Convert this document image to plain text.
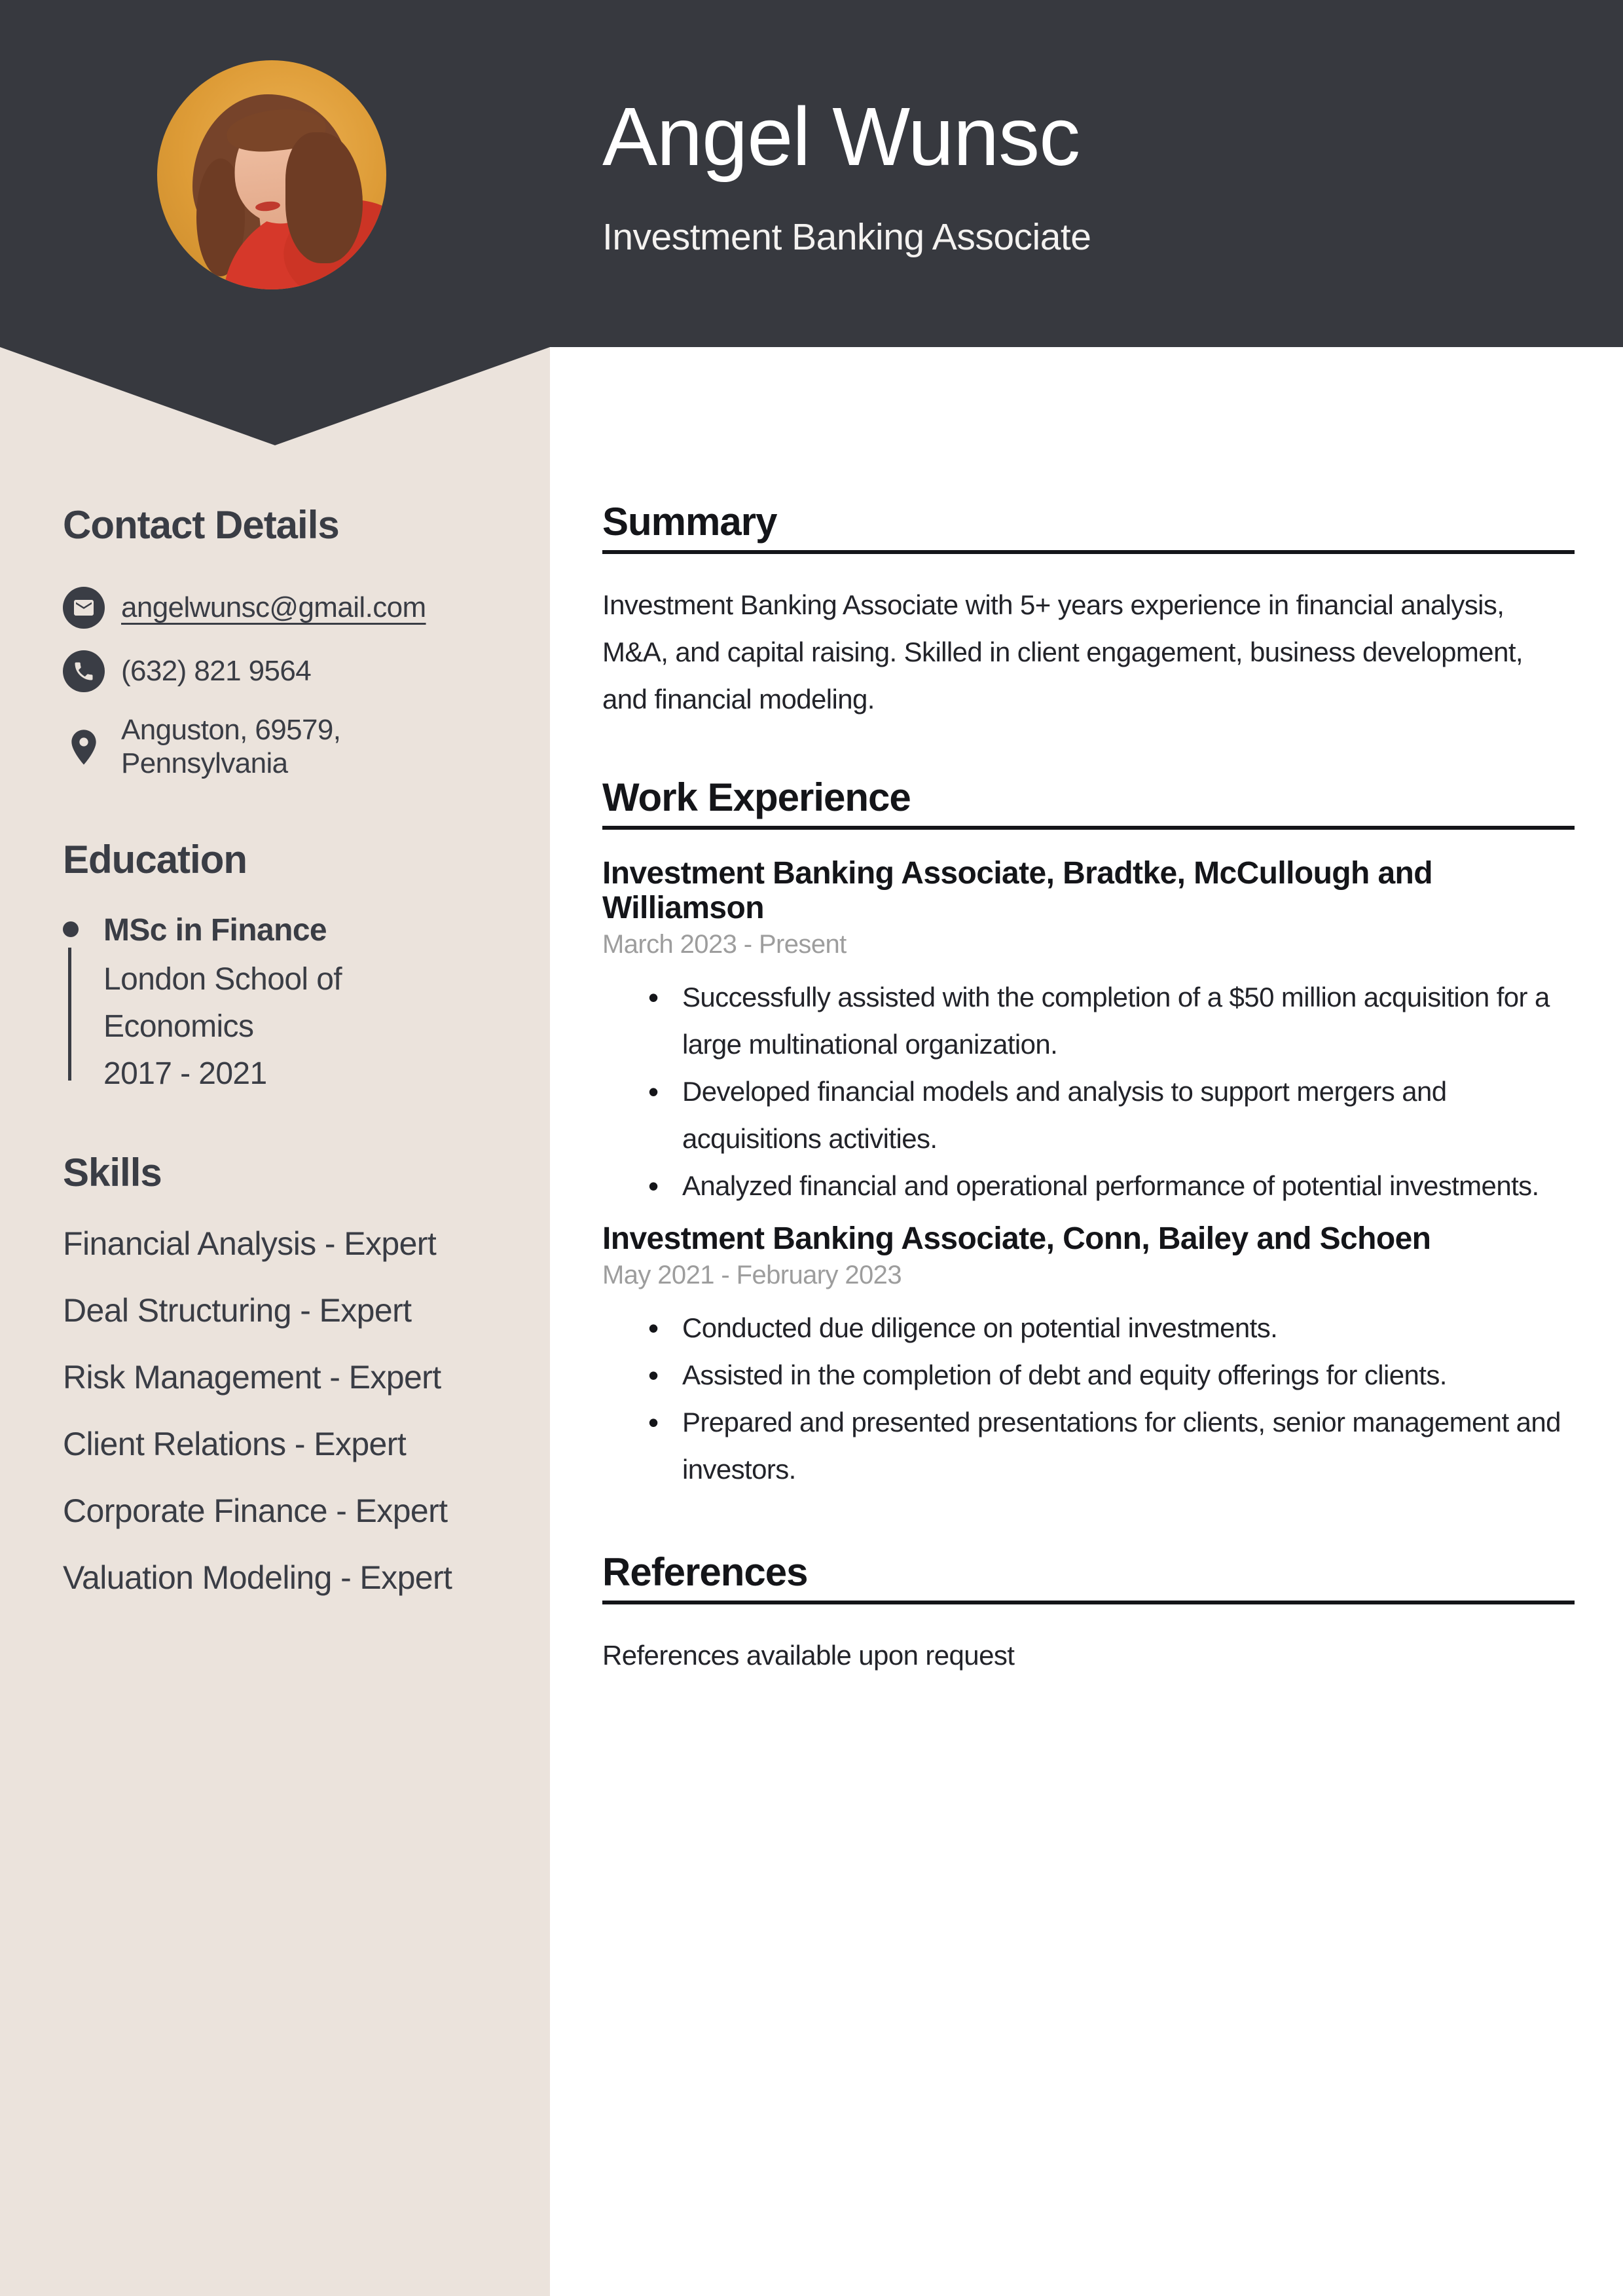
Contact Details
angelwunsc@gmail.com
(632) 821 9564
Anguston, 69579, Pennsylvania
Education
MSc in Finance
London School of Economics
2017 - 2021
Skills
Financial Analysis - Expert
Deal Structuring - Expert
Risk Management - Expert
Client Relations - Expert
Corporate Finance - Expert
Valuation Modeling - Expert
Angel Wunsc
Investment Banking Associate
Summary

Investment Banking Associate with 5+ years experience in financial analysis, M&A, and capital raising. Skilled in client engagement, business development, and financial modeling.

Work Experience
Investment Banking Associate, Bradtke, McCullough and Williamson
March 2023 - Present
• Successfully assisted with the completion of a $50 million acquisition for a large multinational organization.
• Developed financial models and analysis to support mergers and acquisitions activities.
• Analyzed financial and operational performance of potential investments.
Investment Banking Associate, Conn, Bailey and Schoen
May 2021 - February 2023
• Conducted due diligence on potential investments.
• Assisted in the completion of debt and equity offerings for clients.
• Prepared and presented presentations for clients, senior management and investors.
References

References available upon request
